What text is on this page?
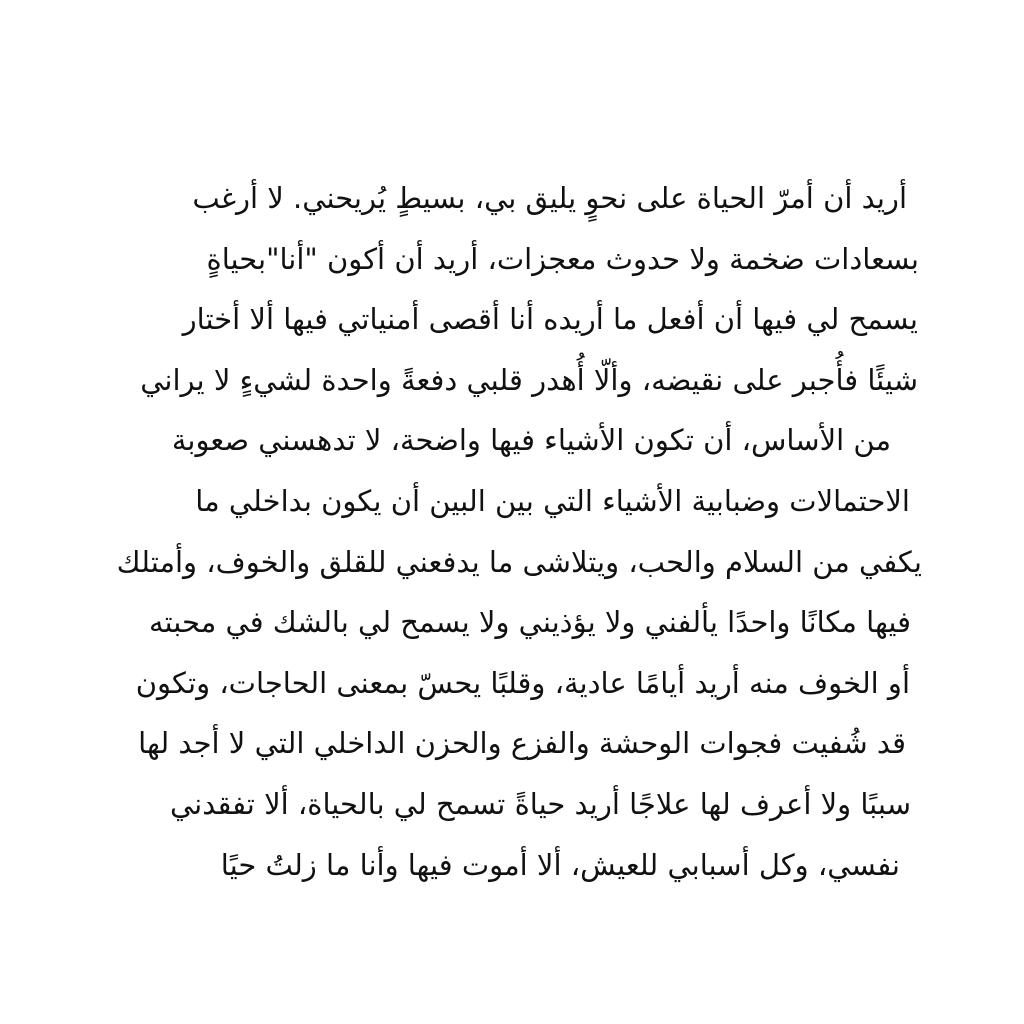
أريد أن أمرّ الحياة على نحوٍ يليق بي، بسيطٍ يُريحني. لا أرغب
بسعادات ضخمة ولا حدوث معجزات، أريد أن أكون "أنا"بحياةٍ
يسمح لي فيها أن أفعل ما أريده أنا أقصى أمنياتي فيها ألا أختار
شيئًا فأُجبر على نقيضه، وألّا أُهدر قلبي دفعةً واحدة لشيءٍ لا يراني
من الأساس، أن تكون الأشياء فيها واضحة، لا تدهسني صعوبة
الاحتمالات وضبابية الأشياء التي بين البين أن يكون بداخلي ما
يكفي من السلام والحب، ويتلاشى ما يدفعني للقلق والخوف، وأمتلك
فيها مكانًا واحدًا يألفني ولا يؤذيني ولا يسمح لي بالشك في محبته
أو الخوف منه أريد أيامًا عادية، وقلبًا يحسّ بمعنى الحاجات، وتكون
قد شُفيت فجوات الوحشة والفزع والحزن الداخلي التي لا أجد لها
سببًا ولا أعرف لها علاجًا أريد حياةً تسمح لي بالحياة، ألا تفقدني
نفسي، وكل أسبابي للعيش، ألا أموت فيها وأنا ما زلتُ حيًا
